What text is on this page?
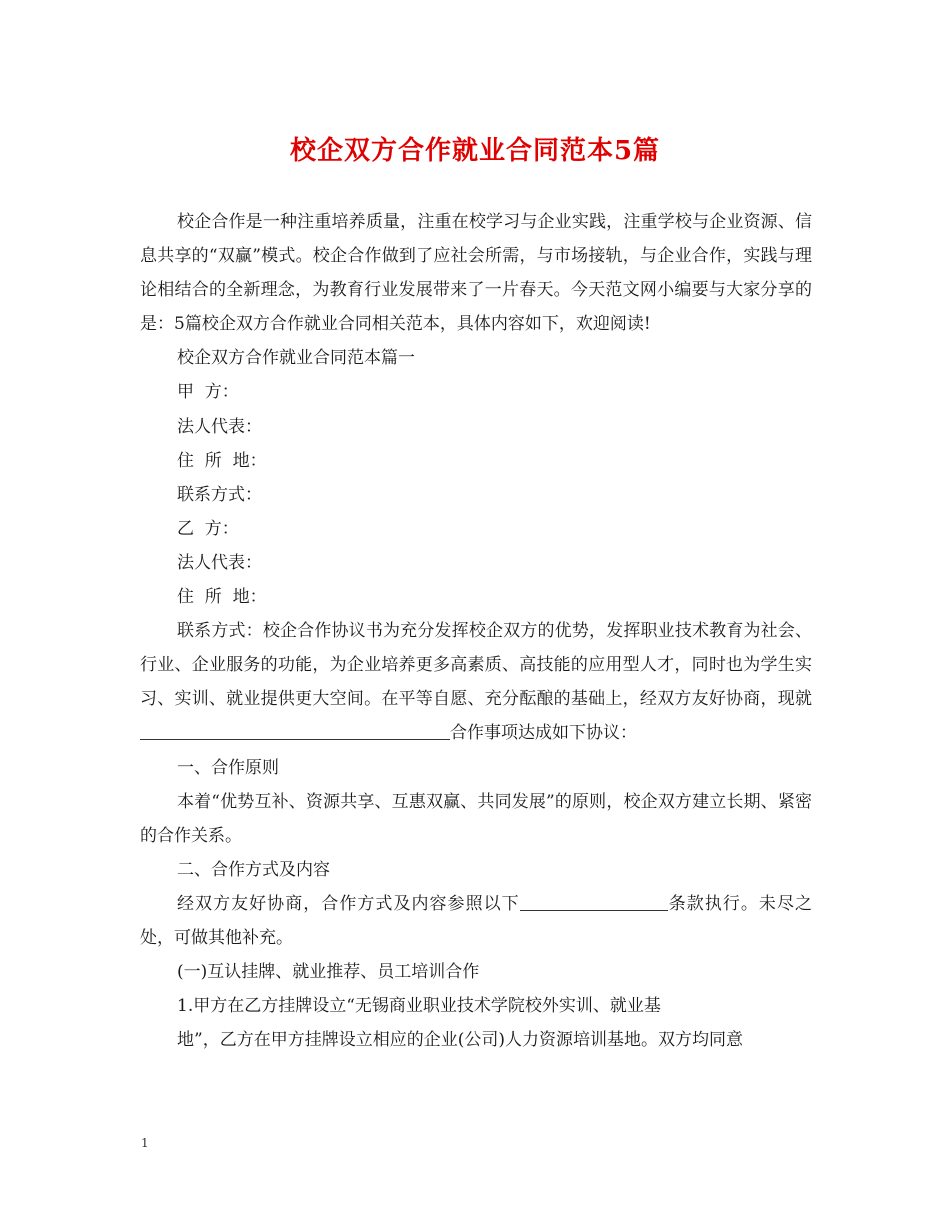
校企双方合作就业合同范本5篇

校企合作是一种注重培养质量，注重在校学习与企业实践，注重学校与企业资源、信息共享的“双赢”模式。校企合作做到了应社会所需，与市场接轨，与企业合作，实践与理论相结合的全新理念，为教育行业发展带来了一片春天。今天范文网小编要与大家分享的是：5篇校企双方合作就业合同相关范本，具体内容如下，欢迎阅读!

校企双方合作就业合同范本篇一

甲  方：

法人代表：

住  所  地：

联系方式：

乙  方：

法人代表：

住  所  地：

联系方式：校企合作协议书为充分发挥校企双方的优势，发挥职业技术教育为社会、行业、企业服务的功能，为企业培养更多高素质、高技能的应用型人才，同时也为学生实习、实训、就业提供更大空间。在平等自愿、充分酝酿的基础上，经双方友好协商，现就合作事项达成如下协议：

一、合作原则

本着“优势互补、资源共享、互惠双赢、共同发展”的原则，校企双方建立长期、紧密的合作关系。

二、合作方式及内容

经双方友好协商，合作方式及内容参照以下	条款执行。未尽之处，可做其他补充。

(一)互认挂牌、就业推荐、员工培训合作

1.甲方在乙方挂牌设立“无锡商业职业技术学院校外实训、就业基

地”，乙方在甲方挂牌设立相应的企业(公司)人力资源培训基地。双方均同意

1
